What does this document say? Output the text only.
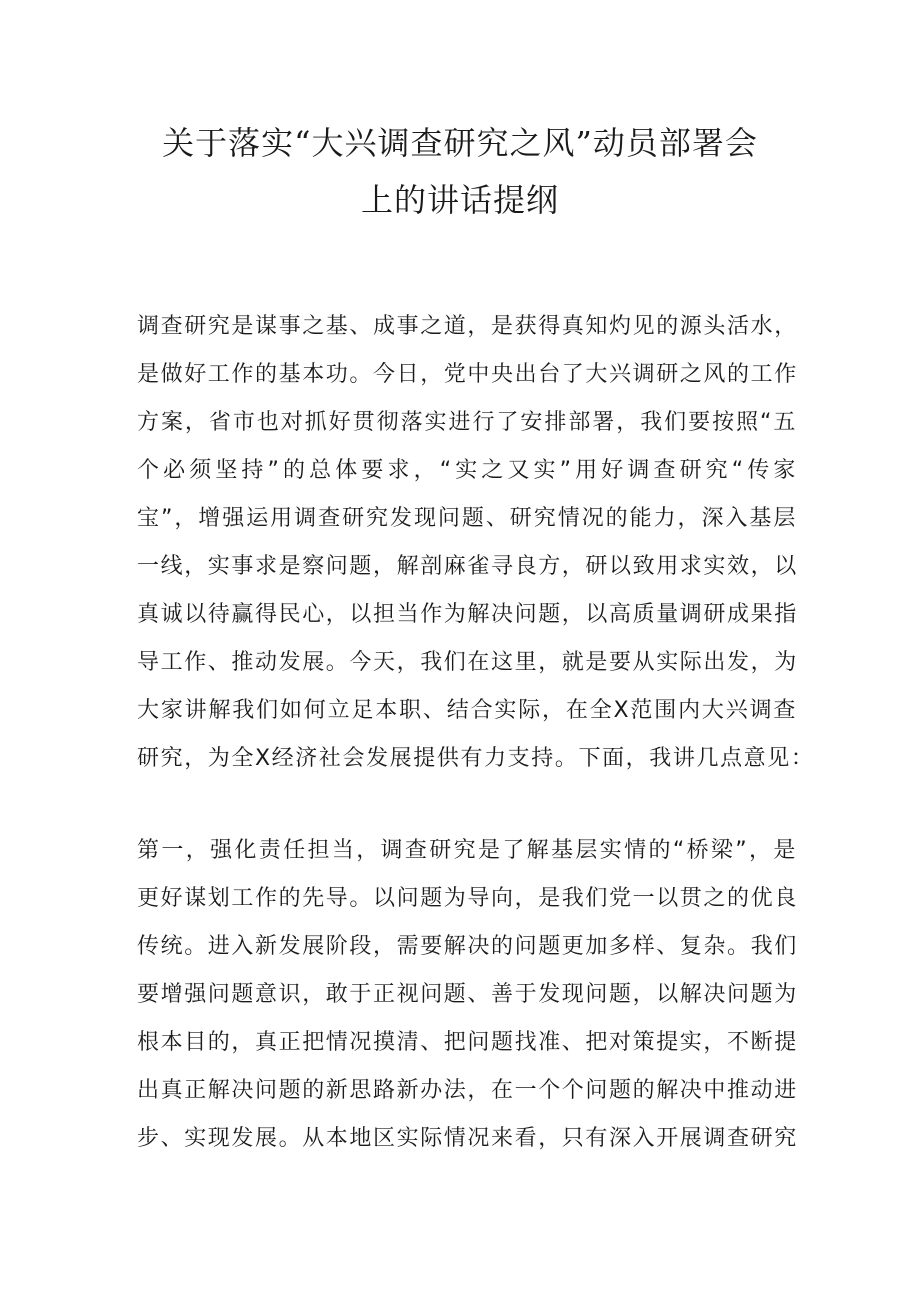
关于落实“大兴调查研究之风”动员部署会
上的讲话提纲
调查研究是谋事之基、成事之道，是获得真知灼见的源头活水，
是做好工作的基本功。今日，党中央出台了大兴调研之风的工作
方案，省市也对抓好贯彻落实进行了安排部署，我们要按照“五
个必须坚持”的总体要求，“实之又实”用好调查研究“传家
宝”，增强运用调查研究发现问题、研究情况的能力，深入基层
一线，实事求是察问题，解剖麻雀寻良方，研以致用求实效，以
真诚以待赢得民心，以担当作为解决问题，以高质量调研成果指
导工作、推动发展。今天，我们在这里，就是要从实际出发，为
大家讲解我们如何立足本职、结合实际，在全X范围内大兴调查
研究，为全X经济社会发展提供有力支持。下面，我讲几点意见：
第一，强化责任担当，调查研究是了解基层实情的“桥梁”，是
更好谋划工作的先导。以问题为导向，是我们党一以贯之的优良
传统。进入新发展阶段，需要解决的问题更加多样、复杂。我们
要增强问题意识，敢于正视问题、善于发现问题，以解决问题为
根本目的，真正把情况摸清、把问题找准、把对策提实，不断提
出真正解决问题的新思路新办法，在一个个问题的解决中推动进
步、实现发展。从本地区实际情况来看，只有深入开展调查研究
